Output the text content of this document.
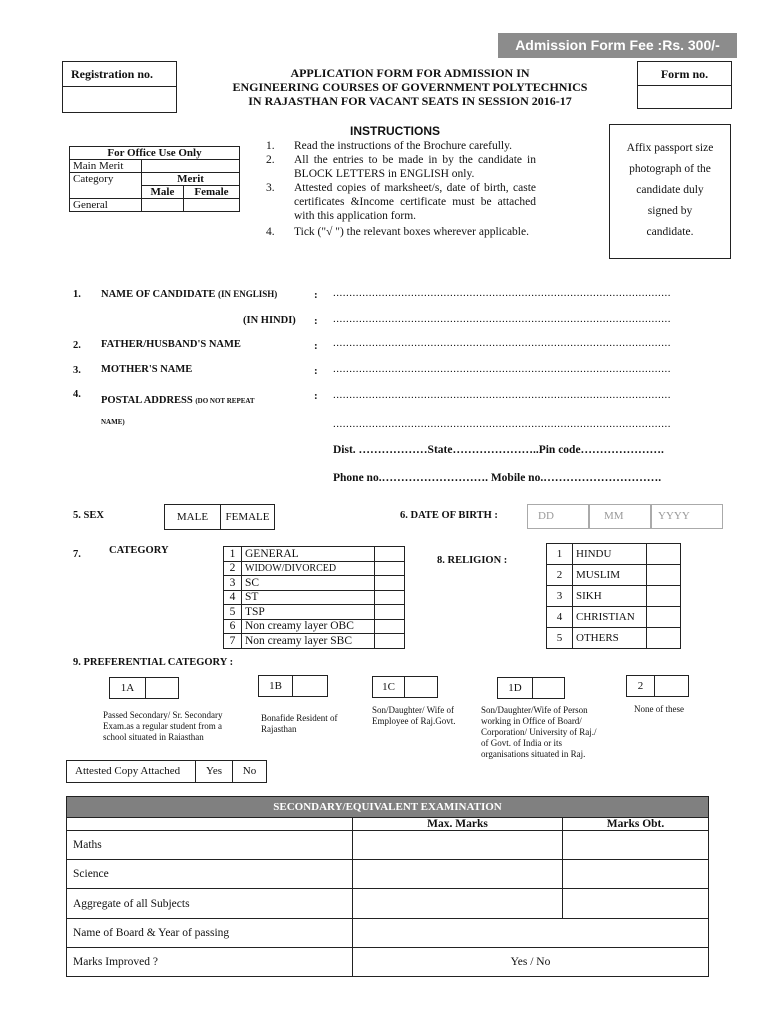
Admission Form Fee :Rs. 300/-
Registration no.	Form no.
APPLICATION FORM FOR ADMISSION IN
ENGINEERING COURSES OF GOVERNMENT POLYTECHNICS
IN RAJASTHAN FOR VACANT SEATS IN SESSION 2016-17
For Office Use Only		
Main Merit		
Category	Merit	
	Male	Female
General		
INSTRUCTIONS
1.	Read the instructions of the Brochure carefully.
2.	All the entries to be made in by the candidate in BLOCK LETTERS in ENGLISH only.
3.	Attested copies of marksheet/s, date of birth, caste certificates &Income certificate must be attached with this application form.
4.	Tick ("√ ") the relevant boxes wherever applicable.
Affix passport size
photograph of the
candidate duly
signed by
candidate.
1. NAME OF CANDIDATE (IN ENGLISH)	: ........................................................................................................
(IN HINDI) : ........................................................................................................
2. FATHER/HUSBAND'S NAME	: ........................................................................................................
3. MOTHER'S NAME	: ........................................................................................................
4.
POSTAL ADDRESS (DO NOT REPEAT
NAME)
: ........................................................................................................
........................................................................................................
Dist. ………………State…………………..Pin code………………….
Phone no.………………………. Mobile no.………………………….
5. SEX	MALE	FEMALE	6. DATE OF BIRTH :	DD	MM	YYYY
7.	CATEGORY	1	GENERAL	
2	WIDOW/DIVORCED	
3	SC	
4	ST	
5	TSP	
6	Non creamy layer OBC	
7	Non creamy layer SBC	
8. RELIGION :
1	HINDU	
2	MUSLIM	
3	SIKH	
4	CHRISTIAN	
5	OTHERS	
9. PREFERENTIAL CATEGORY :
1A	1B	1C	1D	2
Passed Secondary/ Sr. Secondary Exam.as a regular student from a school situated in Raiasthan
Bonafide Resident of Rajasthan
Son/Daughter/ Wife of Employee of Raj.Govt.
Son/Daughter/Wife of Person working in Office of Board/ Corporation/ University of Raj./ of Govt. of India or its organisations situated in Raj.
None of these
Attested Copy Attached	Yes	No
SECONDARY/EQUIVALENT EXAMINATION		
	Max. Marks	Marks Obt.
Maths		
Science		
Aggregate of all Subjects		
Name of Board & Year of passing		
Marks Improved ?	Yes / No	
